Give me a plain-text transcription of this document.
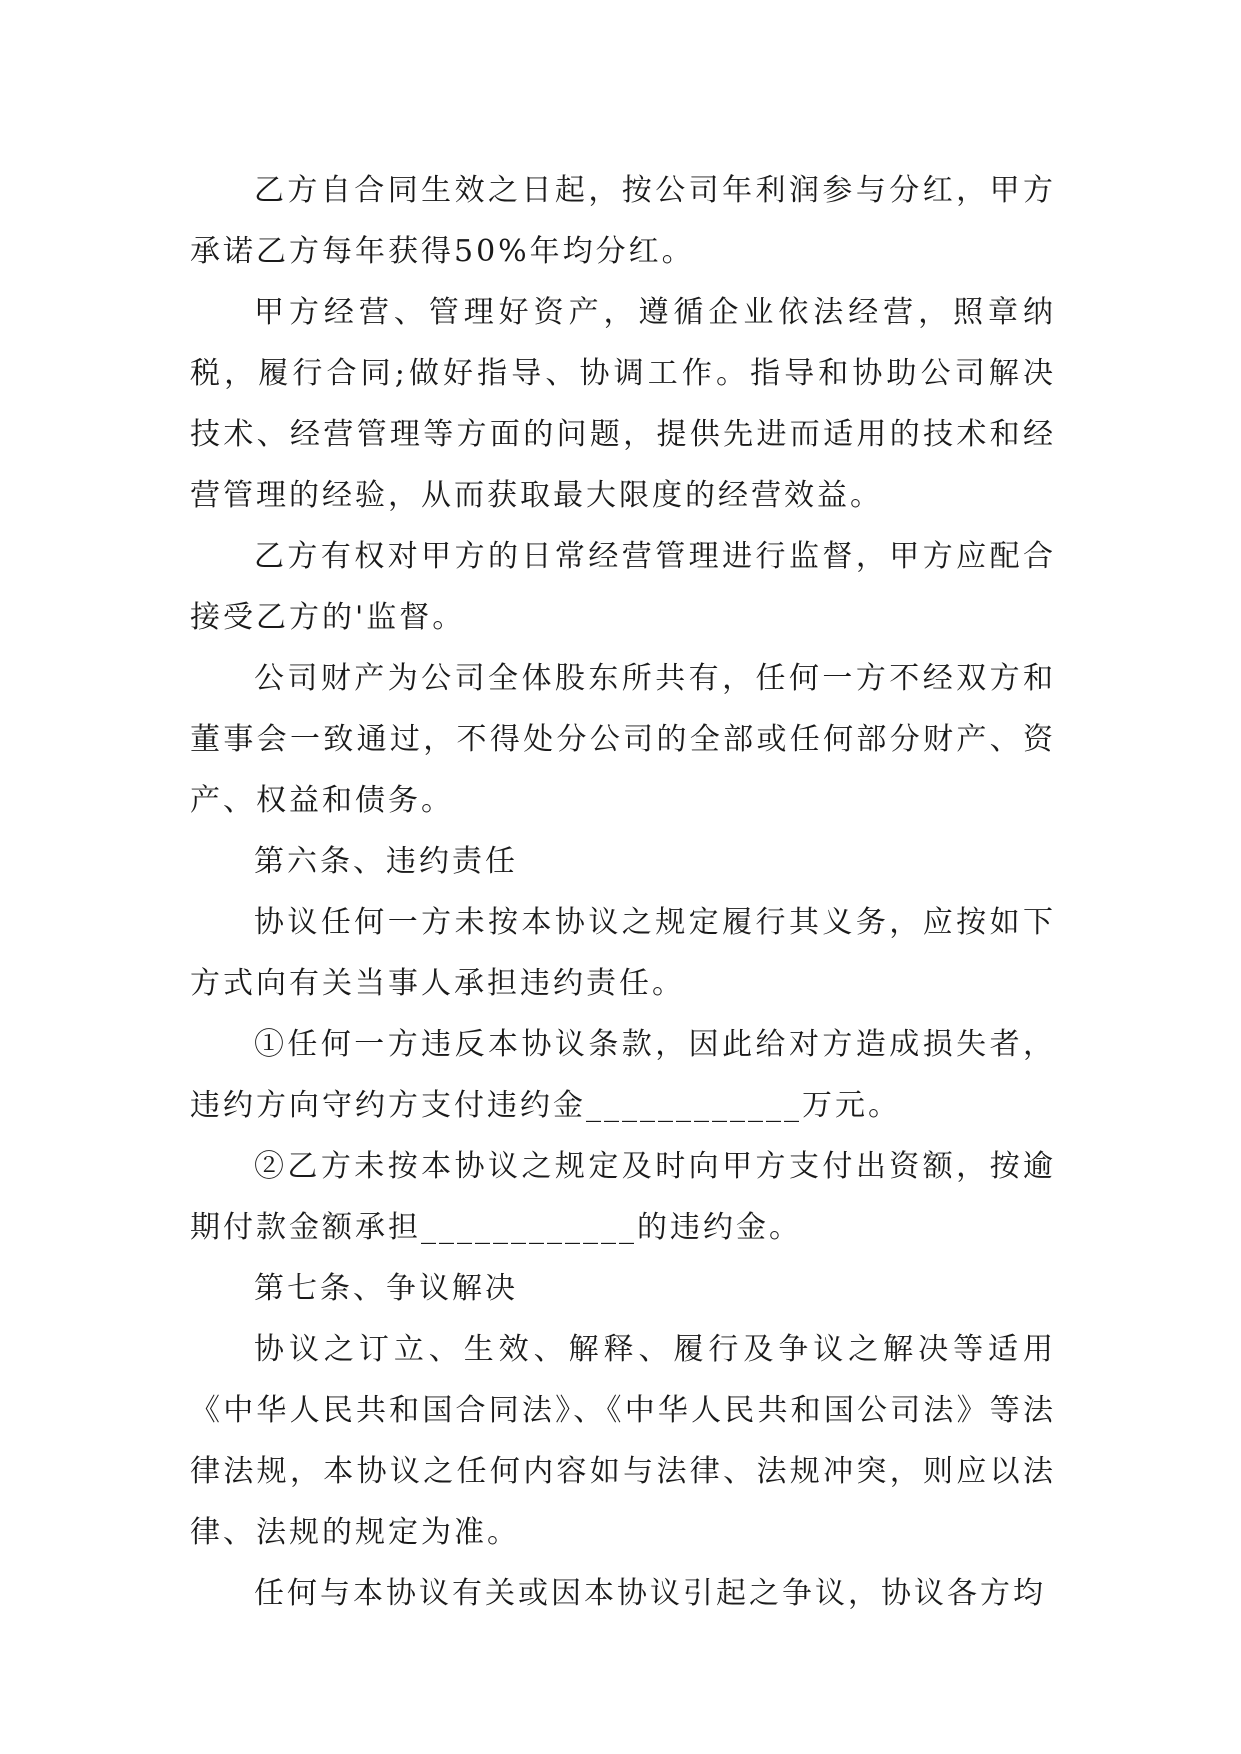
乙方自合同生效之日起，按公司年利润参与分红，甲方承诺乙方每年获得50%年均分红。

甲方经营、管理好资产，遵循企业依法经营，照章纳税，履行合同;做好指导、协调工作。指导和协助公司解决技术、经营管理等方面的问题，提供先进而适用的技术和经营管理的经验，从而获取最大限度的经营效益。

乙方有权对甲方的日常经营管理进行监督，甲方应配合接受乙方的'监督。

公司财产为公司全体股东所共有，任何一方不经双方和董事会一致通过，不得处分公司的全部或任何部分财产、资产、权益和债务。

第六条、违约责任

协议任何一方未按本协议之规定履行其义务，应按如下方式向有关当事人承担违约责任。

①任何一方违反本协议条款，因此给对方造成损失者，违约方向守约方支付违约金____________万元。

②乙方未按本协议之规定及时向甲方支付出资额，按逾期付款金额承担____________的违约金。

第七条、争议解决

协议之订立、生效、解释、履行及争议之解决等适用《中华人民共和国合同法》、《中华人民共和国公司法》等法律法规，本协议之任何内容如与法律、法规冲突，则应以法律、法规的规定为准。

任何与本协议有关或因本协议引起之争议，协议各方均
